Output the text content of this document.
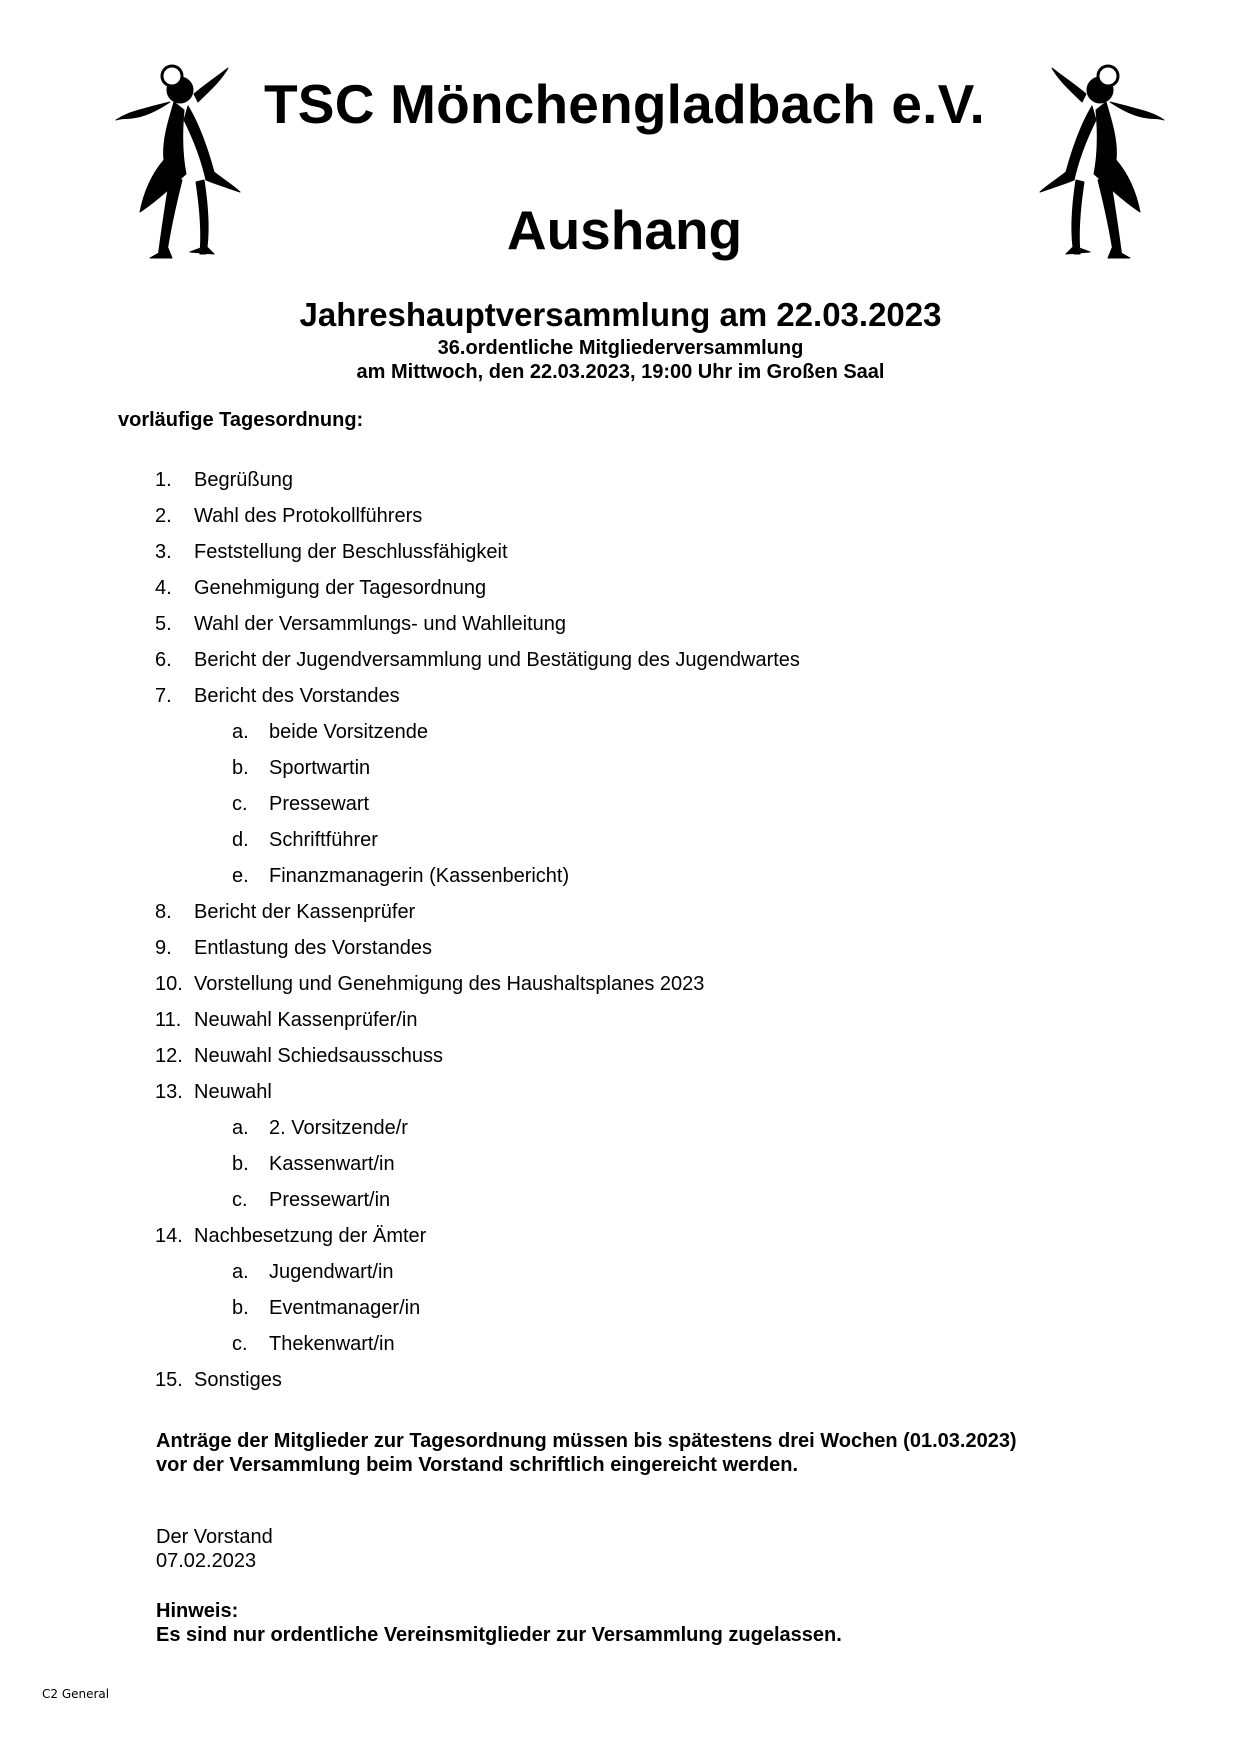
TSC Mönchengladbach e.V.
Aushang
Jahreshauptversammlung am 22.03.2023
36.ordentliche Mitgliederversammlung
am Mittwoch, den 22.03.2023, 19:00 Uhr im Großen Saal
vorläufige Tagesordnung:
1. Begrüßung
2. Wahl des Protokollführers
3. Feststellung der Beschlussfähigkeit
4. Genehmigung der Tagesordnung
5. Wahl der Versammlungs- und Wahlleitung
6. Bericht der Jugendversammlung und Bestätigung des Jugendwartes
7. Bericht des Vorstandes
a. beide Vorsitzende
b. Sportwartin
c. Pressewart
d. Schriftführer
e. Finanzmanagerin (Kassenbericht)
8. Bericht der Kassenprüfer
9. Entlastung des Vorstandes
10. Vorstellung und Genehmigung des Haushaltsplanes 2023
11. Neuwahl Kassenprüfer/in
12. Neuwahl Schiedsausschuss
13. Neuwahl
a. 2. Vorsitzende/r
b. Kassenwart/in
c. Pressewart/in
14. Nachbesetzung der Ämter
a. Jugendwart/in
b. Eventmanager/in
c. Thekenwart/in
15. Sonstiges
Anträge der Mitglieder zur Tagesordnung müssen bis spätestens drei Wochen (01.03.2023)
vor der Versammlung beim Vorstand schriftlich eingereicht werden.
Der Vorstand
07.02.2023
Hinweis:
Es sind nur ordentliche Vereinsmitglieder zur Versammlung zugelassen.
C2 General
